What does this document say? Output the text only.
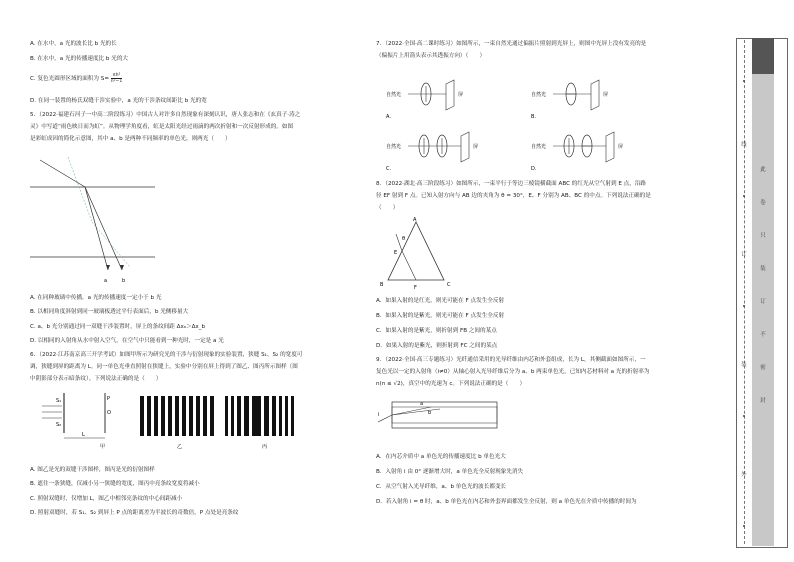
A. 在水中，a 光的波长比 b 光的长
B. 在水中，a 光的传播速度比 b 光的大
C. 复色光圆形区域的面积为 $S= \frac{\text{πh²}}{\text{n²−1}}$
D. 在同一装置的杨氏双缝干涉实验中，a 光的干涉条纹间距比 b 光的宽
5．（2022·福建石河子一中高二阶段练习）中国古人对许多自然现象有深刻认识，唐人张志和在《玄真子·涛之
灵》中写道“雨色映日而为虹”。从物理学角度看，虹是太阳光经过雨滴的两次折射和一次反射形成的。如图
是彩虹成因的简化示意图，其中 a、b 是两种不同频率的单色光，则两光（　　）
a	b
A. 在同种玻璃中传播，a 光的传播速度一定小于 b 光
B. 以相同角度斜射到同一玻璃板透过平行表面后，b 光侧移量大
C. a、b 光分别通过同一双缝干涉装置时，屏上的条纹间距 Δxₐ＞Δx_b
D. 以相同的入射角从水中射入空气，在空气中只能看到一种光时，一定是 a 光
6．（2022·江苏南京高三开学考试）如图甲所示为研究光的干涉与衍射现象的实验装置，狭缝 S₁、S₂ 的宽度可
调，狭缝到屏的距离为 L。同一单色光垂直照射在狭缝上，实验中分别在屏上得到了图乙、图丙所示图样（图
中阴影部分表示暗条纹）。下列说法正确的是（　　）
S₁
S₂
O
P
L
甲	乙	丙
A. 图乙是光的双缝干涉图样，图丙是光的衍射图样
B. 遮住一条狭缝，仅减小另一狭缝的宽度，图丙中亮条纹宽度将减小
C. 照射双缝时，仅增加 L，图乙中相邻亮条纹的中心间距减小
D. 照射双缝时，若 S₁、S₂ 到屏上 P 点的距离差为半波长的奇数倍，P 点处是亮条纹
7．（2022·全国·高二课时练习）如图所示，一束自然光通过偏振片照射到光屏上，则图中光屏上没有发亮的是
（偏振片上用箭头表示其透振方向）（　　）
自然光	屏	自然光	屏
自然光	屏	自然光	屏
A.	B.
C.	D.
8．（2022·湖北·高三阶段练习）如图所示，一束平行于等边三棱镜横截面 ABC 的红光从空气射到 E 点，沿路
径 EF 射到 F 点。已知入射方向与 AB 边的夹角为 θ = 30°，E、F 分别为 AB、BC 的中点。下列说法正确的是
（　　）
A
B	C
E
F
θ
A．如果入射的是红光，则光可能在 F 点发生全反射
B．如果入射的是紫光，则光可能在 F 点发生全反射
C．如果入射的是紫光，则折射到 FB 之间的某点
D．如果入射的是紫光，则折射到 FC 之间的某点
9．（2022·全国·高三专题练习）光纤通信采用的光导纤维由内芯和外套组成，长为 L，其侧截面如图所示，一
复色光以一定的入射角（i≠0）从轴心射入光导纤维后分为 a、b 两束单色光，已知内芯材料对 a 光的折射率为
n(n ≤ √2)，真空中的光速为 c。下列说法正确的是（　　）
i
a
b
A．在内芯介质中 a 单色光的传播速度比 b 单色光大
B．入射角 i 由 0° 逐渐增大时，a 单色光全反射现象先消失
C．从空气射入光导纤维，a、b 单色光的波长都变长
D．若入射角 i = θ 时，a、b 单色光在内芯和外套界面都发生全反射，则 a 单色光在介质中传播的时间为
线
订
装
外
此
卷
只
装
订
不
密
封
